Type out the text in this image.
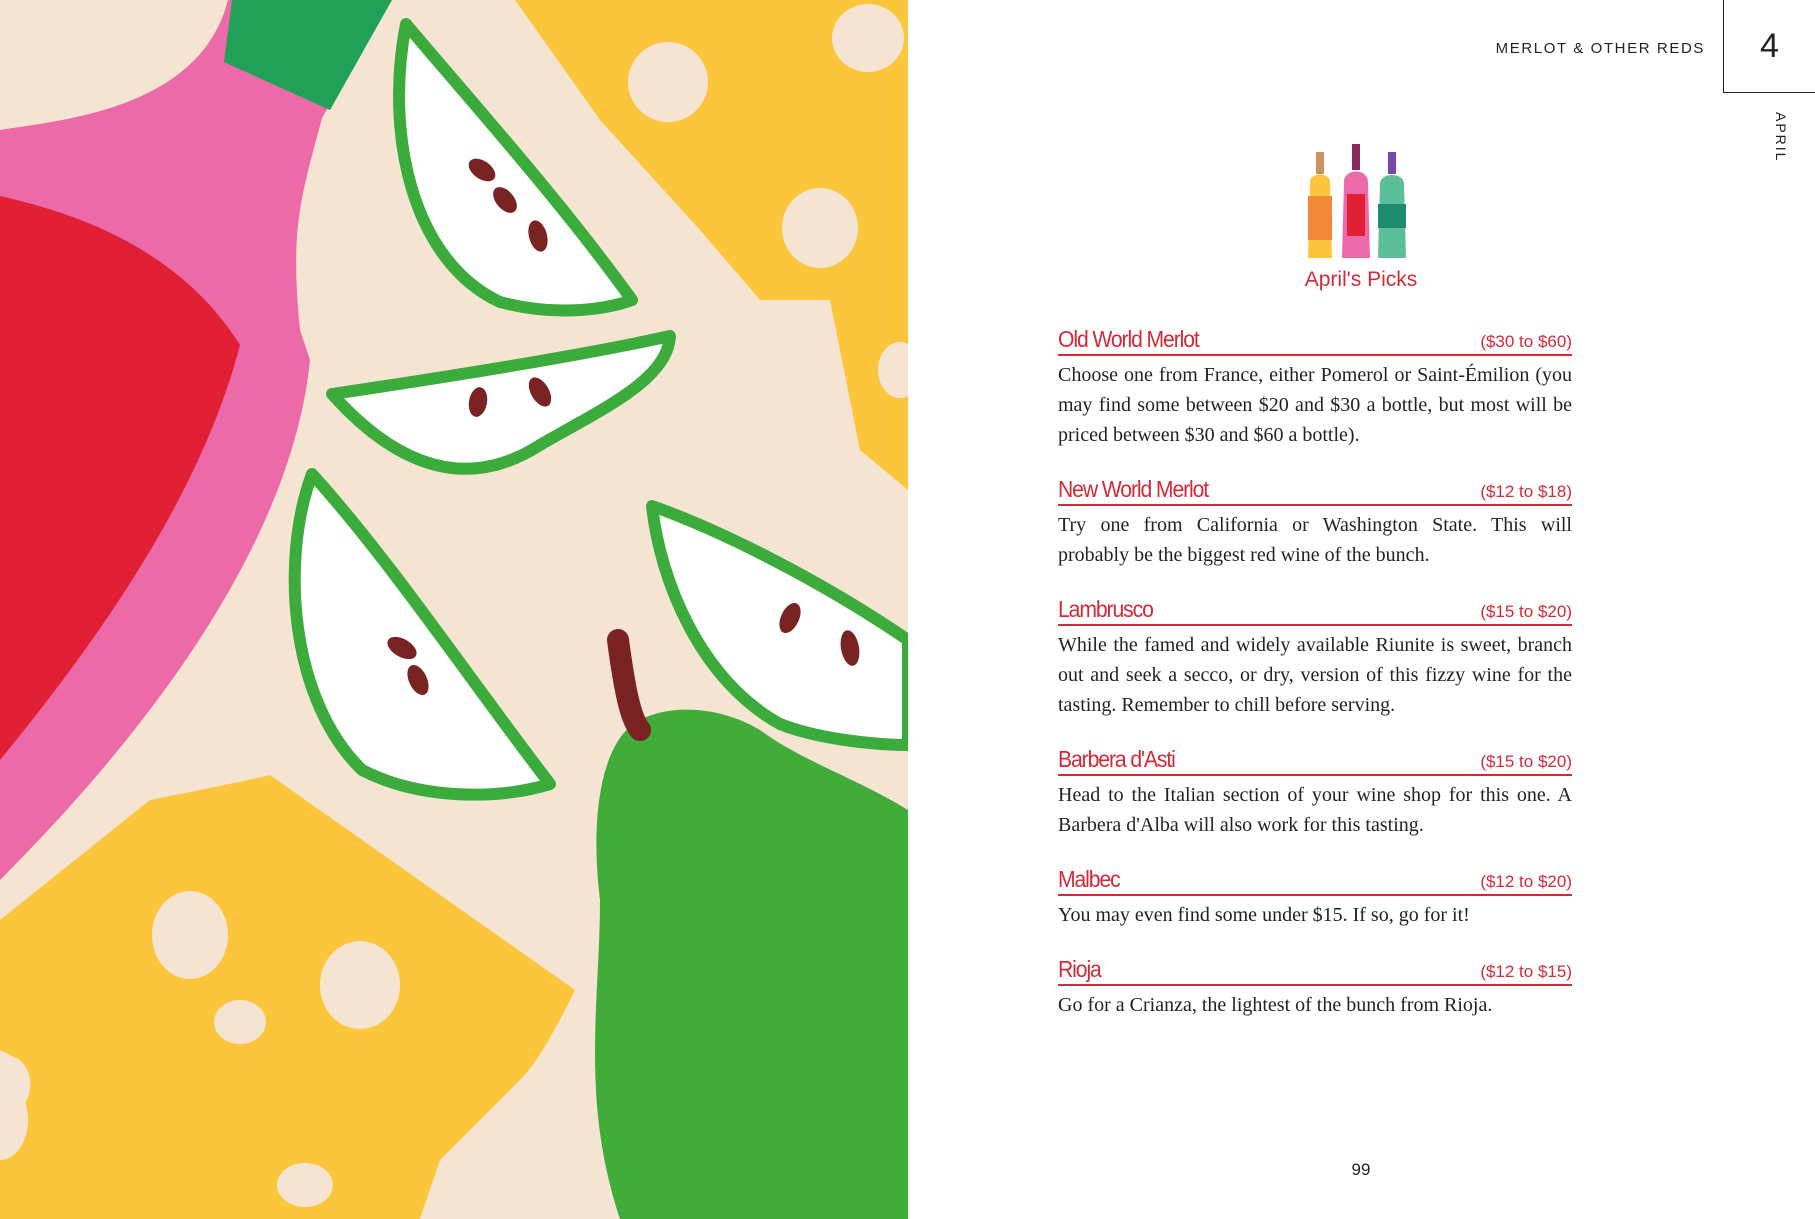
MERLOT & OTHER REDS	4
APRIL
April's Picks
Old World Merlot	($30 to $60)

Choose one from France, either Pomerol or Saint-Émilion (you may find some between $20 and $30 a bottle, but most will be priced between $30 and $60 a bottle).

New World Merlot	($12 to $18)

Try one from California or Washington State. This will probably be the biggest red wine of the bunch.

Lambrusco	($15 to $20)

While the famed and widely available Riunite is sweet, branch out and seek a secco, or dry, version of this fizzy wine for the tasting. Remember to chill before serving.

Barbera d'Asti	($15 to $20)

Head to the Italian section of your wine shop for this one. A Barbera d'Alba will also work for this tasting.

Malbec	($12 to $20)

You may even find some under $15. If so, go for it!

Rioja	($12 to $15)

Go for a Crianza, the lightest of the bunch from Rioja.

99
